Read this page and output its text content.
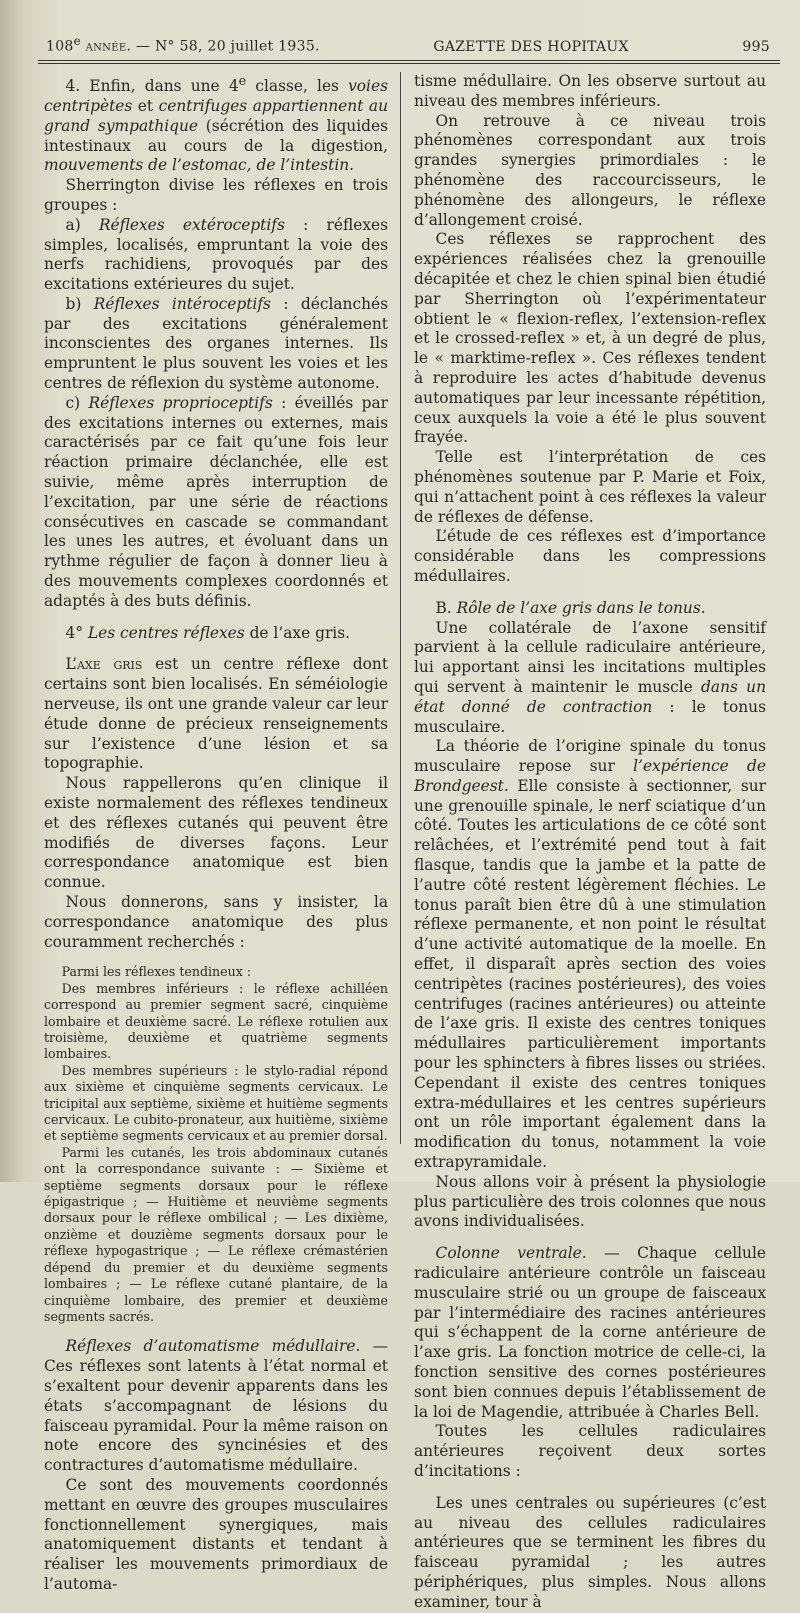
108e année. — N° 58, 20 juillet 1935.	GAZETTE DES HOPITAUX	995

4. Enfin, dans une 4e classe, les voies centripètes et centrifuges appartiennent au grand sympathique (sécrétion des liquides intestinaux au cours de la digestion, mouvements de l’estomac, de l’intestin.

Sherrington divise les réflexes en trois groupes :

a) Réflexes extéroceptifs : réflexes simples, localisés, empruntant la voie des nerfs rachidiens, provoqués par des excitations extérieures du sujet.

b) Réflexes intéroceptifs : déclanchés par des excitations généralement inconscientes des organes internes. Ils empruntent le plus souvent les voies et les centres de réflexion du système autonome.

c) Réflexes proprioceptifs : éveillés par des excitations internes ou externes, mais caractérisés par ce fait qu’une fois leur réaction primaire déclanchée, elle est suivie, même après interruption de l’excitation, par une série de réactions consécutives en cascade se commandant les unes les autres, et évoluant dans un rythme régulier de façon à donner lieu à des mouvements complexes coordonnés et adaptés à des buts définis.

4° Les centres réflexes de l’axe gris.

L’axe gris est un centre réflexe dont certains sont bien localisés. En séméiologie nerveuse, ils ont une grande valeur car leur étude donne de précieux renseignements sur l’existence d’une lésion et sa topographie.

Nous rappellerons qu’en clinique il existe normalement des réflexes tendineux et des réflexes cutanés qui peuvent être modifiés de diverses façons. Leur correspondance anatomique est bien connue.

Nous donnerons, sans y insister, la correspondance anatomique des plus couramment recherchés :

Parmi les réflexes tendineux :

Des membres inférieurs : le réflexe achilléen correspond au premier segment sacré, cinquième lombaire et deuxième sacré. Le réflexe rotulien aux troisième, deuxième et quatrième segments lombaires.

Des membres supérieurs : le stylo-radial répond aux sixième et cinquième segments cervicaux. Le tricipital aux septième, sixième et huitième segments cervicaux. Le cubito-pronateur, aux huitième, sixième et septième segments cervicaux et au premier dorsal.

Parmi les cutanés, les trois abdominaux cutanés ont la correspondance suivante : — Sixième et septième segments dorsaux pour le réflexe épigastrique ; — Huitième et neuvième segments dorsaux pour le réflexe ombilical ; — Les dixième, onzième et douzième segments dorsaux pour le réflexe hypogastrique ; — Le réflexe crémastérien dépend du premier et du deuxième segments lombaires ; — Le réflexe cutané plantaire, de la cinquième lombaire, des premier et deuxième segments sacrés.

Réflexes d’automatisme médullaire. — Ces réflexes sont latents à l’état normal et s’exaltent pour devenir apparents dans les états s’accompagnant de lésions du faisceau pyramidal. Pour la même raison on note encore des syncinésies et des contractures d’automatisme médullaire.

Ce sont des mouvements coordonnés mettant en œuvre des groupes musculaires fonctionnellement synergiques, mais anatomiquement distants et tendant à réaliser les mouvements primordiaux de l’automa-

tisme médullaire. On les observe surtout au niveau des membres inférieurs.

On retrouve à ce niveau trois phénomènes correspondant aux trois grandes synergies primordiales : le phénomène des raccourcisseurs, le phénomène des allongeurs, le réflexe d’allongement croisé.

Ces réflexes se rapprochent des expériences réalisées chez la grenouille décapitée et chez le chien spinal bien étudié par Sherrington où l’expérimentateur obtient le « flexion-reflex, l’extension-reflex et le crossed-reflex » et, à un degré de plus, le « marktime-reflex ». Ces réflexes tendent à reproduire les actes d’habitude devenus automatiques par leur incessante répétition, ceux auxquels la voie a été le plus souvent frayée.

Telle est l’interprétation de ces phénomènes soutenue par P. Marie et Foix, qui n’attachent point à ces réflexes la valeur de réflexes de défense.

L’étude de ces réflexes est d’importance considérable dans les compressions médullaires.

B. Rôle de l’axe gris dans le tonus.

Une collatérale de l’axone sensitif parvient à la cellule radiculaire antérieure, lui apportant ainsi les incitations multiples qui servent à maintenir le muscle dans un état donné de contraction : le tonus musculaire.

La théorie de l’origine spinale du tonus musculaire repose sur l’expérience de Brondgeest. Elle consiste à sectionner, sur une grenouille spinale, le nerf sciatique d’un côté. Toutes les articulations de ce côté sont relâchées, et l’extrémité pend tout à fait flasque, tandis que la jambe et la patte de l’autre côté restent légèrement fléchies. Le tonus paraît bien être dû à une stimulation réflexe permanente, et non point le résultat d’une activité automatique de la moelle. En effet, il disparaît après section des voies centripètes (racines postérieures), des voies centrifuges (racines antérieures) ou atteinte de l’axe gris. Il existe des centres toniques médullaires particulièrement importants pour les sphincters à fibres lisses ou striées. Cependant il existe des centres toniques extra-médullaires et les centres supérieurs ont un rôle important également dans la modification du tonus, notamment la voie extrapyramidale.

Nous allons voir à présent la physiologie plus particulière des trois colonnes que nous avons individualisées.

Colonne ventrale. — Chaque cellule radiculaire antérieure contrôle un faisceau musculaire strié ou un groupe de faisceaux par l’intermédiaire des racines antérieures qui s’échappent de la corne antérieure de l’axe gris. La fonction motrice de celle-ci, la fonction sensitive des cornes postérieures sont bien connues depuis l’établissement de la loi de Magendie, attribuée à Charles Bell.

Toutes les cellules radiculaires antérieures reçoivent deux sortes d’incitations :

Les unes centrales ou supérieures (c’est au niveau des cellules radiculaires antérieures que se terminent les fibres du faisceau pyramidal ; les autres périphériques, plus simples. Nous allons examiner, tour à
